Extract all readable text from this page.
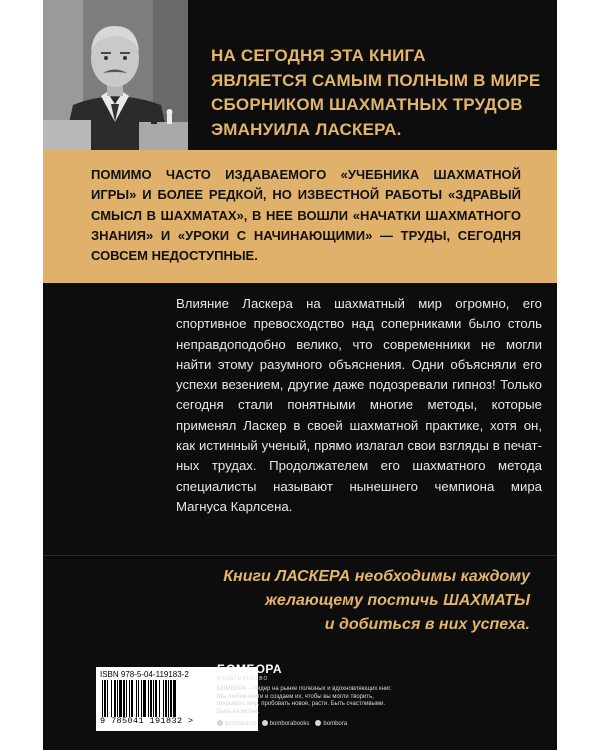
НА СЕГОДНЯ ЭТА КНИГА
ЯВЛЯЕТСЯ САМЫМ ПОЛНЫМ В МИРЕ
СБОРНИКОМ ШАХМАТНЫХ ТРУДОВ
ЭМАНУИЛА ЛАСКЕРА.
ПОМИМО ЧАСТО ИЗДАВАЕМОГО «УЧЕБНИКА ШАХМАТНОЙ ИГРЫ» И БОЛЕЕ РЕДКОЙ, НО ИЗВЕСТНОЙ РАБОТЫ «ЗДРАВЫЙ СМЫСЛ В ШАХМАТАХ», В НЕЕ ВОШЛИ «НАЧАТКИ ШАХМАТНОГО ЗНАНИЯ» И «УРОКИ С НАЧИНАЮЩИМИ» — ТРУДЫ, СЕГОДНЯ СОВСЕМ НЕДОСТУПНЫЕ.

Влияние Ласкера на шахматный мир огромно, его спортивное превосходство над соперниками было столь неправдоподобно велико, что современники не могли найти этому разумного объяснения. Одни объясняли его успехи везением, другие даже подозревали гипноз! Только сегодня стали понятными многие методы, которые применял Ласкер в своей шахматной практике, хотя он, как истинный ученый, прямо излагал свои взгляды в печатных трудах. Продолжателем его шахматного метода специалисты называют нынешнего чемпиона мира Магнуса Карлсена.

Книги ЛАСКЕРА необходимы каждому
желающему постичь ШАХМАТЫ
и добиться в них успеха.
ISBN 978-5-04-119183-2
9 785041 191832 >
БОМБОРА
ИЗДАТЕЛЬСТВО
БОМБОРА – лидер на рынке полезных и вдохновляющих книг. Мы любим книги и создаем их, чтобы вы могли творить, открывать мир, пробовать новое, расти. Быть счастливыми. Быть на волне.
bombora.ru	bomborabooks	bombora
